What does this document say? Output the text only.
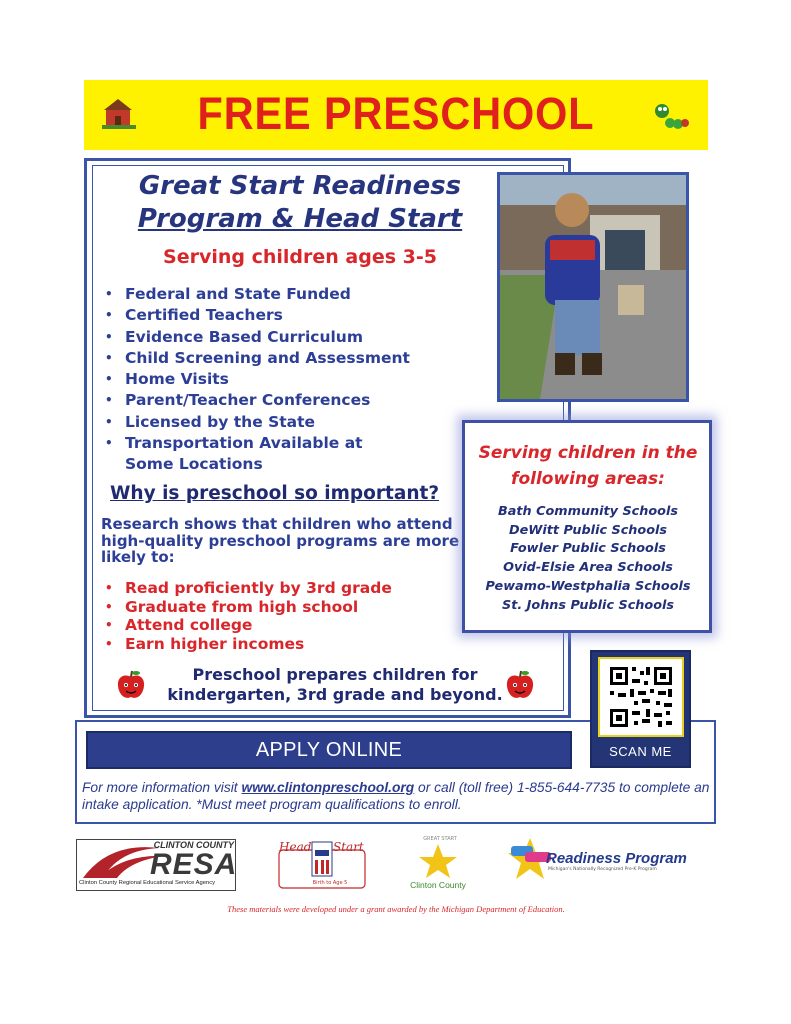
FREE PRESCHOOL
Great Start Readiness
Program & Head Start
Serving children ages 3-5
• Federal and State Funded
• Certified Teachers
• Evidence Based Curriculum
• Child Screening and Assessment
• Home Visits
• Parent/Teacher Conferences
• Licensed by the State
• Transportation Available at Some Locations
Why is preschool so important?
Research shows that children who attend high-quality preschool programs are more likely to:
• Read proficiently by 3rd grade
• Graduate from high school
• Attend college
• Earn higher incomes
Preschool prepares children for kindergarten, 3rd grade and beyond.
Serving children in the following areas:
Bath Community Schools
DeWitt Public Schools
Fowler Public Schools
Ovid-Elsie Area Schools
Pewamo-Westphalia Schools
St. Johns Public Schools
APPLY ONLINE	SCAN ME
For more information visit www.clintonpreschool.org or call (toll free) 1-855-644-7735 to complete an intake application. *Must meet program qualifications to enroll.
CLINTON COUNTY
RESA
Clinton County Regional Educational Service Agency
Head Start
Birth to Age 5
GREAT START
Clinton County
Readiness Program
Michigan's Nationally Recognized Pre-K Program
These materials were developed under a grant awarded by the Michigan Department of Education.
